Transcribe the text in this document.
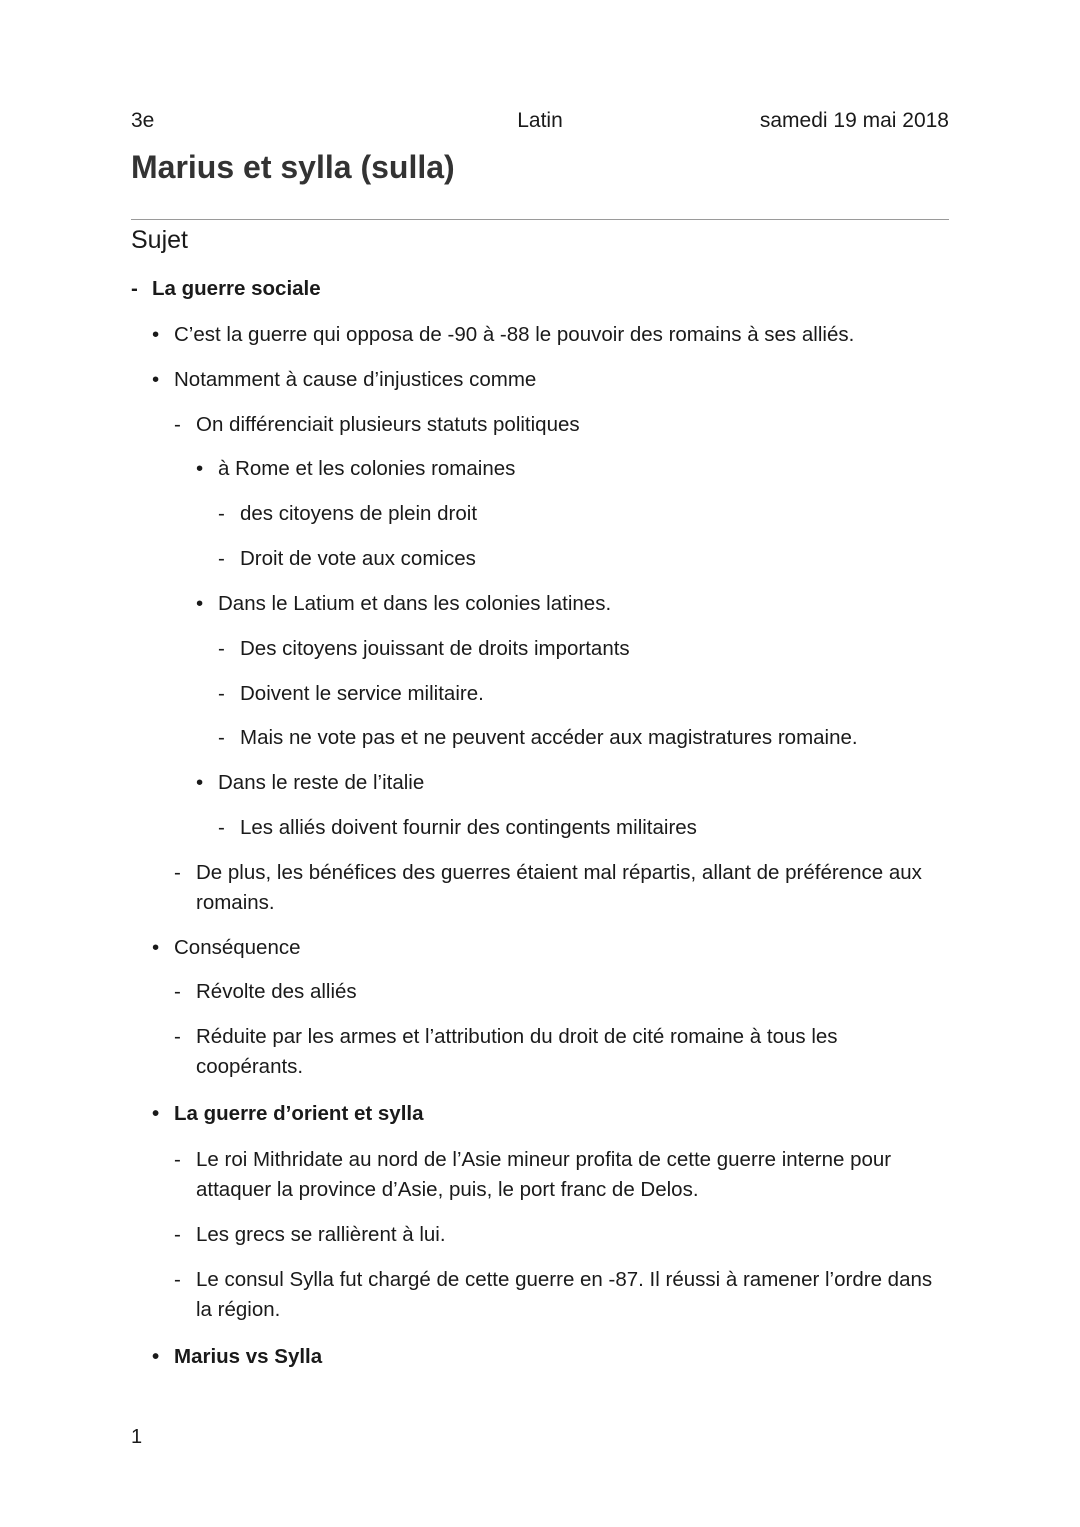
3e	Latin	samedi 19 mai 2018
Marius et sylla (sulla)
Sujet
- La guerre sociale
• C’est la guerre qui opposa de -90 à -88 le pouvoir des romains à ses alliés.
• Notamment à cause d’injustices comme
- On différenciait plusieurs statuts politiques
• à Rome et les colonies romaines
- des citoyens de plein droit
- Droit de vote aux comices
• Dans le Latium et dans les colonies latines.
- Des citoyens jouissant de droits importants
- Doivent le service militaire.
- Mais ne vote pas et ne peuvent accéder aux magistratures romaine.
• Dans le reste de l’italie
- Les alliés doivent fournir des contingents militaires
- De plus, les bénéfices des guerres étaient mal répartis, allant de préférence aux romains.
• Conséquence
- Révolte des alliés
- Réduite par les armes et l’attribution du droit de cité romaine à tous les coopérants.
• La guerre d’orient et sylla
- Le roi Mithridate au nord de l’Asie mineur profita de cette guerre interne pour attaquer la province d’Asie, puis, le port franc de Delos.
- Les grecs se rallièrent à lui.
- Le consul Sylla fut chargé de cette guerre en -87. Il réussi à ramener l’ordre dans la région.
• Marius vs Sylla
1
